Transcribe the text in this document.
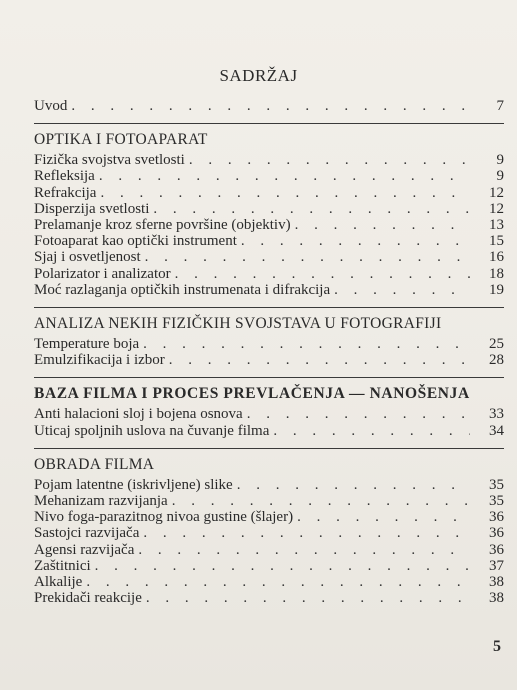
SADRŽAJ
Uvod . . .	7
OPTIKA I FOTOAPARAT
Fizička svojstva svetlosti . . .	9
Refleksija . . .	9
Refrakcija . . .	12
Disperzija svetlosti . . .	12
Prelamanje kroz sferne površine (objektiv) . . .	13
Fotoaparat kao optički instrument . . .	15
Sjaj i osvetljenost . . .	16
Polarizator i analizator . . .	18
Moć razlaganja optičkih instrumenata i difrakcija . . .	19
ANALIZA NEKIH FIZIČKIH SVOJSTAVA U FOTOGRAFIJI
Temperature boja . . .	25
Emulzifikacija i izbor . . .	28
BAZA FILMA I PROCES PREVLAČENJA — NANOŠENJA
Anti halacioni sloj i bojena osnova . . .	33
Uticaj spoljnih uslova na čuvanje filma . . .	34
OBRADA FILMA
Pojam latentne (iskrivljene) slike . . .	35
Mehanizam razvijanja . . .	35
Nivo foga-parazitnog nivoa gustine (šlajer) . . .	36
Sastojci razvijača . . .	36
Agensi razvijača . . .	36
Zaštitnici . . .	37
Alkalije . . .	38
Prekidači reakcije . . .	38
5
